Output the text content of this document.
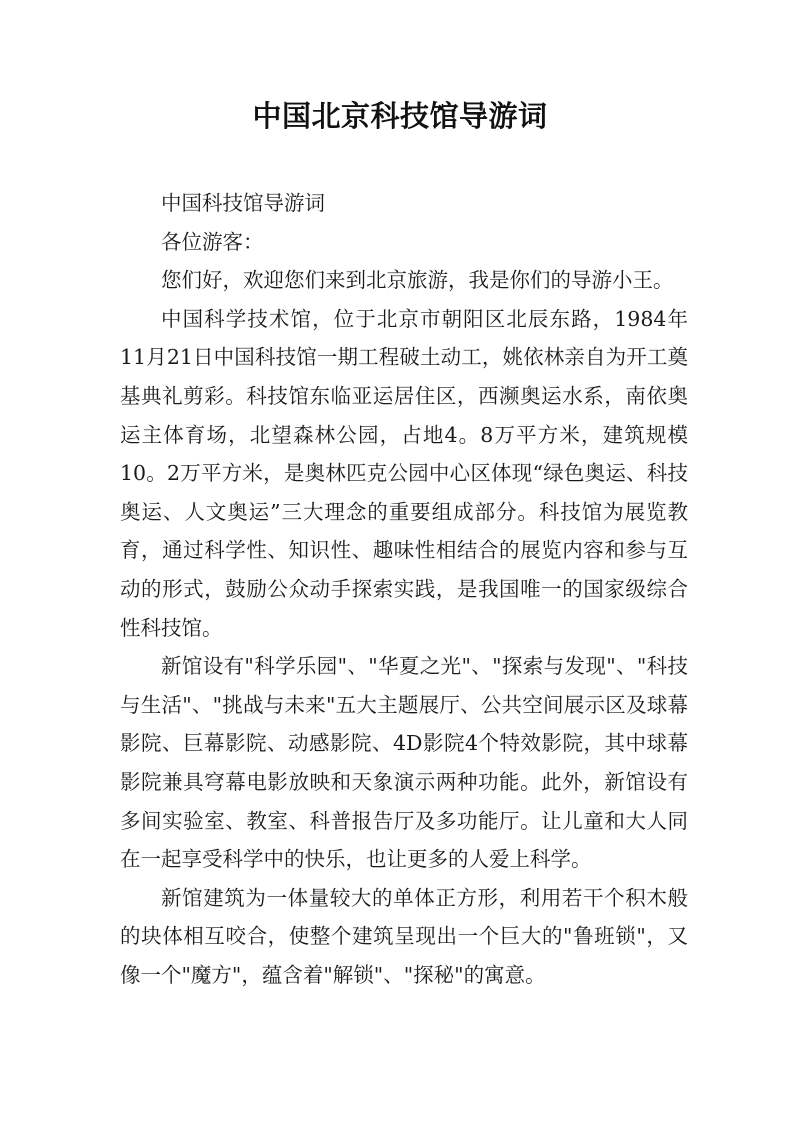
中国北京科技馆导游词

中国科技馆导游词

各位游客：

您们好，欢迎您们来到北京旅游，我是你们的导游小王。

中国科学技术馆，位于北京市朝阳区北辰东路，1984年11月21日中国科技馆一期工程破土动工，姚依林亲自为开工奠基典礼剪彩。科技馆东临亚运居住区，西濒奥运水系，南依奥运主体育场，北望森林公园，占地4。8万平方米，建筑规模10。2万平方米，是奥林匹克公园中心区体现“绿色奥运、科技奥运、人文奥运”三大理念的重要组成部分。科技馆为展览教育，通过科学性、知识性、趣味性相结合的展览内容和参与互动的形式，鼓励公众动手探索实践，是我国唯一的国家级综合性科技馆。

新馆设有"科学乐园"、"华夏之光"、"探索与发现"、"科技与生活"、"挑战与未来"五大主题展厅、公共空间展示区及球幕影院、巨幕影院、动感影院、4D影院4个特效影院，其中球幕影院兼具穹幕电影放映和天象演示两种功能。此外，新馆设有多间实验室、教室、科普报告厅及多功能厅。让儿童和大人同在一起享受科学中的快乐，也让更多的人爱上科学。

新馆建筑为一体量较大的单体正方形，利用若干个积木般的块体相互咬合，使整个建筑呈现出一个巨大的"鲁班锁"，又像一个"魔方"，蕴含着"解锁"、"探秘"的寓意。
